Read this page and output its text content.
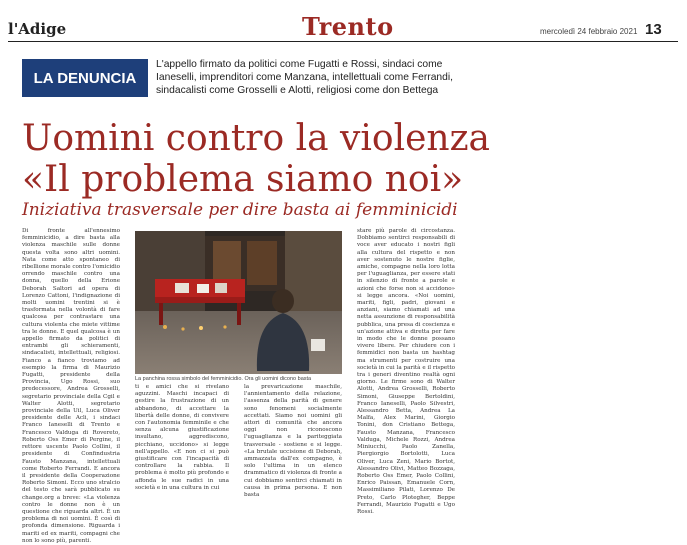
l'Adige	Trento	mercoledì 24 febbraio 2021 13
LA DENUNCIA
L'appello firmato da politici come Fugatti e Rossi, sindaci come Ianeselli, imprenditori come Manzana, intellettuali come Ferrandi, sindacalisti come Grosselli e Alotti, religiosi come don Bettega
Uomini contro la violenza
«Il problema siamo noi»
Iniziativa trasversale per dire basta ai femminicidi
Di fronte all'ennesimo femminicidio, a dire basta alla violenza maschile sulle donne questa volta sono altri uomini. Nata come atto spontaneo di ribellione morale contro l'omicidio orrendo maschile contro una donna, quello della Erione Deborah Saltori ad opera di Lorenzo Cattoni, l'indignazione di molti uomini trentini si è trasformata nella volontà di fare qualcosa per contrastare una cultura violenta che miete vittime tra le donne. E quel qualcosa è un appello firmato da politici di entrambi gli schieramenti, sindacalisti, intellettuali, religiosi. Fianco a fianco troviamo ad esempio la firma di Maurizio Fugatti, presidente della Provincia, Ugo Rossi, suo predecessore, Andrea Grosselli, segretario provinciale della Cgil e Walter Alotti, segretario provinciale della Uil, Luca Oliver presidente delle Acli, i sindaci Franco Ianeselli di Trento e Francesco Valduga di Rovereto, Roberto Oss Emer di Pergine, il rettore uscente Paolo Collini, il presidente di Confindustria Fausto Manzana, intellettuali come Roberto Ferrandi. E ancora il presidente della Cooperazione Roberto Simoni. Ecco uno stralcio del testo che sarà pubblicato su change.org a breve: «La violenza contro le donne non è un questione che riguarda altri. È un problema di noi uomini. È così di profonda dimensione. Riguarda i mariti ed ex mariti, compagni che non lo sono più, parenti.
La panchina rossa simbolo del femminicidio. Ora gli uomini dicono basta
ti e amici che si rivelano aguzzini. Maschi incapaci di gestire la frustrazione di un abbandono, di accettare la libertà delle donne, di convivere con l'autonomia femminile e che senza alcuna giustificazione insultano, aggrediscono, picchiano, uccidono» si legge nell'appello. «E non ci si può giustificare con l'incapacità di controllare la rabbia. Il problema è molto più profondo e affonda le sue radici in una società e in una cultura in cui
la prevaricazione maschile, l'annientamento della relazione, l'assenza della parità di genere sono fenomeni socialmente accettati. Siamo noi uomini gli attori di comunità che ancora oggi non riconoscono l'uguaglianza e la pariteggiata trasversale - sostiene e si legge. «La brutale uccisione di Deborah, ammazzata dall'ex compagno, è solo l'ultima in un elenco drammatico di violenza di fronte a cui dobbiamo sentirci chiamati in causa in prima persona. E non basta
stare più parole di circostanza. Dobbiamo sentirci responsabili di voce aver educato i nostri figli alla cultura del rispetto e non aver sostenuto le nostre figlie, amiche, compagne nella loro lotta per l'uguaglianza, per essere stati in silenzio di fronte a parole e azioni che forse non si accidono» si legge ancora. «Noi uomini, mariti, figli, padri, giovani e anziani, siamo chiamati ad una netta assunzione di responsabilità pubblica, una presa di coscienza e un'azione attiva e diretta per fare in modo che le donne possano vivere libere. Per chiudere con i femmidici non basta un hashtag ma strumenti per costruire una società in cui la parità e il rispetto tra i generi diventino realtà ogni giorno. Le firme sono di Walter Alotti, Andrea Grosselli, Roberto Simoni, Giuseppe Bertoldini, Franco Ianeselli, Paolo Silvestri, Alessandro Betta, Andrea La Malfa, Alex Marini, Giorgio Tonini, don Cristiano Bettega, Fausto Manzana, Francesco Valduga, Michele Rozzi, Andrea Miniucchi, Paolo Zanella, Piergiorgio Bortolotti, Luca Oliver, Luca Zeni, Mario Bortot, Alessandro Olivi, Matteo Bozzaga, Roberto Oss Emer, Paolo Collini, Enrico Paissan, Emanuele Corn, Massimiliano Pilati, Lorenzo De Preto, Carlo Plotegher, Beppe Ferrandi, Maurizio Fugatti e Ugo Rossi.
